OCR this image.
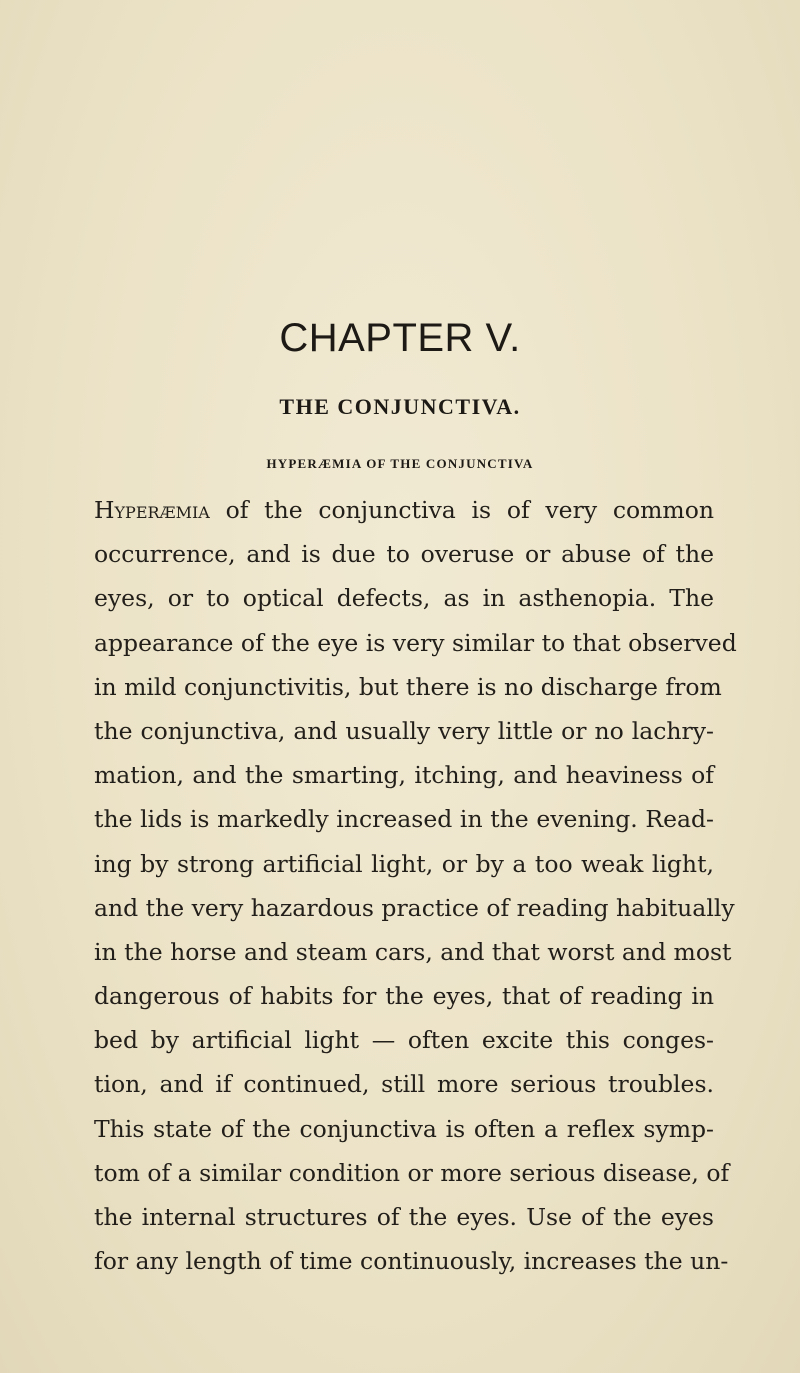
CHAPTER V.
THE CONJUNCTIVA.
HYPERÆMIA OF THE CONJUNCTIVA
Hyperæmia of the conjunctiva is of very common
occurrence, and is due to overuse or abuse of the
eyes, or to optical defects, as in asthenopia. The
appearance of the eye is very similar to that observed
in mild conjunctivitis, but there is no discharge from
the conjunctiva, and usually very little or no lachry-
mation, and the smarting, itching, and heaviness of
the lids is markedly increased in the evening. Read-
ing by strong artificial light, or by a too weak light,
and the very hazardous practice of reading habitually
in the horse and steam cars, and that worst and most
dangerous of habits for the eyes, that of reading in
bed by artificial light — often excite this conges-
tion, and if continued, still more serious troubles.
This state of the conjunctiva is often a reflex symp-
tom of a similar condition or more serious disease, of
the internal structures of the eyes. Use of the eyes
for any length of time continuously, increases the un-
